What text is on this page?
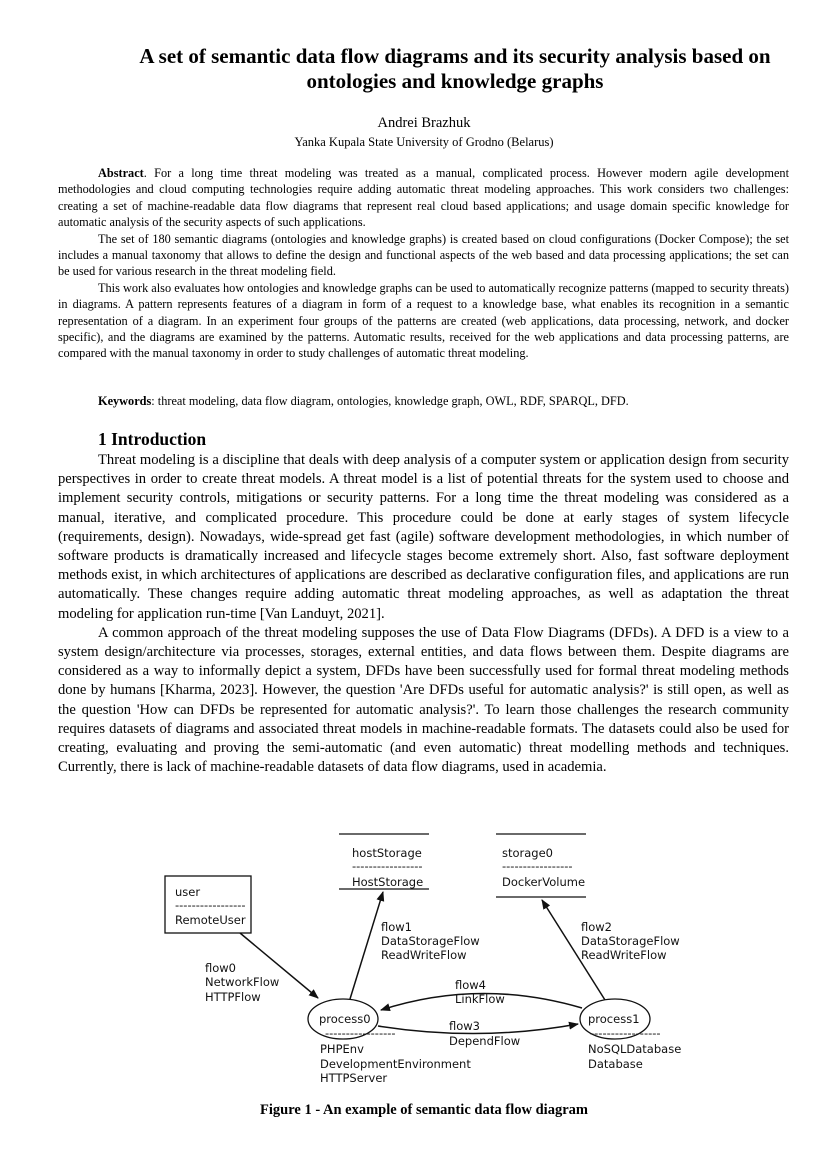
A set of semantic data flow diagrams and its security analysis based on ontologies and knowledge graphs
Andrei Brazhuk
Yanka Kupala State University of Grodno (Belarus)

Abstract. For a long time threat modeling was treated as a manual, complicated process. However modern agile development methodologies and cloud computing technologies require adding automatic threat modeling approaches. This work considers two challenges: creating a set of machine-readable data flow diagrams that represent real cloud based applications; and usage domain specific knowledge for automatic analysis of the security aspects of such applications.

The set of 180 semantic diagrams (ontologies and knowledge graphs) is created based on cloud configurations (Docker Compose); the set includes a manual taxonomy that allows to define the design and functional aspects of the web based and data processing applications; the set can be used for various research in the threat modeling field.

This work also evaluates how ontologies and knowledge graphs can be used to automatically recognize patterns (mapped to security threats) in diagrams. A pattern represents features of a diagram in form of a request to a knowledge base, what enables its recognition in a semantic representation of a diagram. In an experiment four groups of the patterns are created (web applications, data processing, network, and docker specific), and the diagrams are examined by the patterns. Automatic results, received for the web applications and data processing patterns, are compared with the manual taxonomy in order to study challenges of automatic threat modeling.

Keywords: threat modeling, data flow diagram, ontologies, knowledge graph, OWL, RDF, SPARQL, DFD.
1 Introduction

Threat modeling is a discipline that deals with deep analysis of a computer system or application design from security perspectives in order to create threat models. A threat model is a list of potential threats for the system used to choose and implement security controls, mitigations or security patterns. For a long time the threat modeling was considered as a manual, iterative, and complicated procedure. This procedure could be done at early stages of system lifecycle (requirements, design). Nowadays, wide-spread get fast (agile) software development methodologies, in which number of software products is dramatically increased and lifecycle stages become extremely short. Also, fast software deployment methods exist, in which architectures of applications are described as declarative configuration files, and applications are run automatically. These changes require adding automatic threat modeling approaches, as well as adaptation the threat modeling for application run-time [Van Landuyt, 2021].

A common approach of the threat modeling supposes the use of Data Flow Diagrams (DFDs). A DFD is a view to a system design/architecture via processes, storages, external entities, and data flows between them. Despite diagrams are considered as a way to informally depict a system, DFDs have been successfully used for formal threat modeling methods done by humans [Kharma, 2023]. However, the question 'Are DFDs useful for automatic analysis?' is still open, as well as the question 'How can DFDs be represented for automatic analysis?'. To learn those challenges the research community requires datasets of diagrams and associated threat models in machine-readable formats. The datasets could also be used for creating, evaluating and proving the semi-automatic (and even automatic) threat modelling methods and techniques. Currently, there is lack of machine-readable datasets of data flow diagrams, used in academia.

user
-----------------
RemoteUser
hostStorage
-----------------
HostStorage
storage0
-----------------
DockerVolume
process0
-----------------
PHPEnv
DevelopmentEnvironment
HTTPServer
process1
-----------------
NoSQLDatabase
Database
flow0
NetworkFlow
HTTPFlow
flow1
DataStorageFlow
ReadWriteFlow
flow2
DataStorageFlow
ReadWriteFlow
flow4
LinkFlow
flow3
DependFlow
Figure 1 - An example of semantic data flow diagram
